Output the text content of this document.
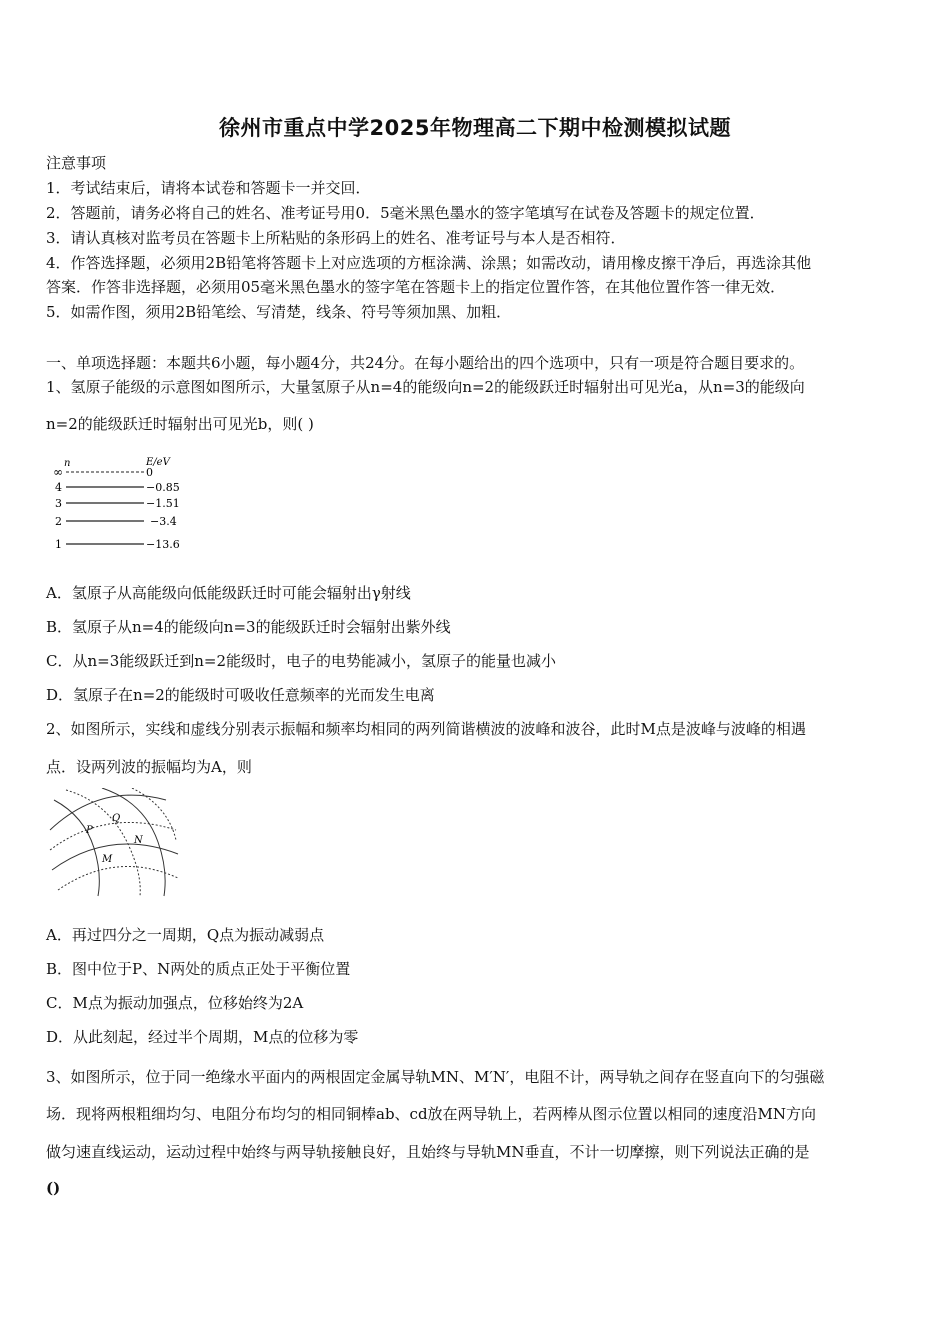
徐州市重点中学2025年物理高二下期中检测模拟试题
注意事项
1．考试结束后，请将本试卷和答题卡一并交回．
2．答题前，请务必将自己的姓名、准考证号用0．5毫米黑色墨水的签字笔填写在试卷及答题卡的规定位置．
3．请认真核对监考员在答题卡上所粘贴的条形码上的姓名、准考证号与本人是否相符．
4．作答选择题，必须用2B铅笔将答题卡上对应选项的方框涂满、涂黑；如需改动，请用橡皮擦干净后，再选涂其他
答案．作答非选择题，必须用05毫米黑色墨水的签字笔在答题卡上的指定位置作答，在其他位置作答一律无效．
5．如需作图，须用2B铅笔绘、写清楚，线条、符号等须加黑、加粗．
一、单项选择题：本题共6小题，每小题4分，共24分。在每小题给出的四个选项中，只有一项是符合题目要求的。
1、氢原子能级的示意图如图所示，大量氢原子从n=4的能级向n=2的能级跃迁时辐射出可见光a，从n=3的能级向
n=2的能级跃迁时辐射出可见光b，则( )
n	E/eV
∞	0
4	−0.85
3	−1.51
2	−3.4
1	−13.6
A．氢原子从高能级向低能级跃迁时可能会辐射出γ射线
B．氢原子从n=4的能级向n=3的能级跃迁时会辐射出紫外线
C．从n=3能级跃迁到n=2能级时，电子的电势能减小，氢原子的能量也减小
D．氢原子在n=2的能级时可吸收任意频率的光而发生电离
2、如图所示，实线和虚线分别表示振幅和频率均相同的两列简谐横波的波峰和波谷，此时M点是波峰与波峰的相遇
点．设两列波的振幅均为A，则
P
Q
N
M
A．再过四分之一周期，Q点为振动减弱点
B．图中位于P、N两处的质点正处于平衡位置
C．M点为振动加强点，位移始终为2A
D．从此刻起，经过半个周期，M点的位移为零
3、如图所示，位于同一绝缘水平面内的两根固定金属导轨MN、M′N′，电阻不计，两导轨之间存在竖直向下的匀强磁
场．现将两根粗细均匀、电阻分布均匀的相同铜棒ab、cd放在两导轨上，若两棒从图示位置以相同的速度沿MN方向
做匀速直线运动，运动过程中始终与两导轨接触良好，且始终与导轨MN垂直，不计一切摩擦，则下列说法正确的是
()
